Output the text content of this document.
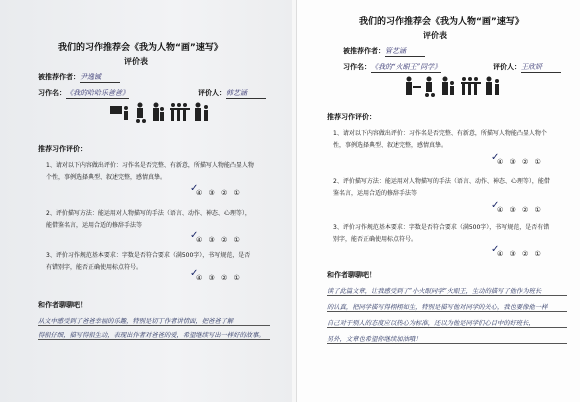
我们的习作推荐会《我为人物“画”速写》
评价表
被推荐作者：尹逸铖
习作名：《我的哈哈乐爸爸》	评价人：韩艺涵
推荐习作评价：
1、请对以下内容做出评价：习作名是否完整、有新意，所描写人物能凸显人物个性，事例选择典型、叙述完整，感情真挚。
④ ③ ② ①
✓
2、评价描写方法：能运用对人物描写的手法（语言、动作、神态、心理等），能借鉴名言，运用合适的修辞手法等
④ ③ ② ①
✓
3、评价习作规范基本要求：字数是否符合要求（满500字），书写规范，是否有错别字，能否正确使用标点符号。
④ ③ ② ①
✓
和作者聊聊吧！
从文中感受到了爸爸幸福的乐趣，特别是切丁作者讲情面，把爸爸了解
得很仔细，描写得很生动，表现出作者对爸爸的爱，希望继续写出一样好的故事。
我们的习作推荐会《我为人物“画”速写》
评价表
被推荐作者：管艺涵
习作名：《我的“火眼王”同学》	评价人：王欣妍
推荐习作评价：
1、请对以下内容做出评价：习作名是否完整、有新意，所描写人物能凸显人物个性，事例选择典型、叙述完整，感情真挚。
④ ③ ② ①
✓
2、评价描写方法：能运用对人物描写的手法（语言、动作、神态、心理等），能借鉴名言，运用合适的修辞手法等
④ ③ ② ①
✓
3、评价习作规范基本要求：字数是否符合要求（满500字），书写规范，是否有错别字，能否正确使用标点符号。
④ ③ ② ①
✓
和作者聊聊吧！
读了此篇文章，让我感受到了“小火眼同学”火眼王，生动的描写了他作为班长
的认真，把同学描写得栩栩如生，特别是描写他对同学的关心，我也要像他一样
自己对于别人的态度应以热心为标准，还以为他是同学们心目中的好班长，
另外，文章也希望你继续加油哦！
